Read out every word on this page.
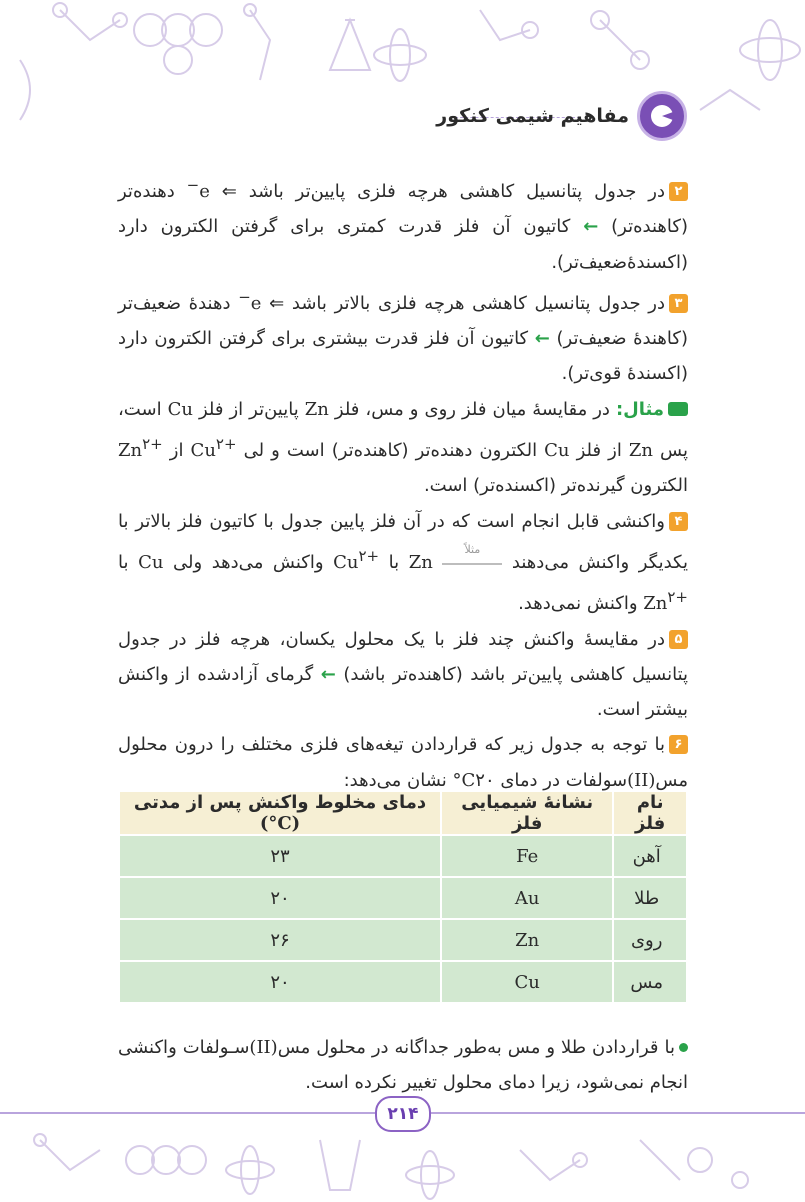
مفاهیم شیمی کنکور

۲در جدول پتانسیل کاهشی هرچه فلزی پایین‌تر باشد ⇐ e− دهنده‌تر (کاهنده‌تر) ← کاتیون آن فلز قدرت کمتری برای گرفتن الکترون دارد (اکسندهٔ‌ضعیف‌تر).

۳در جدول پتانسیل کاهشی هرچه فلزی بالاتر باشد ⇐ e− دهندهٔ ضعیف‌تر (کاهندهٔ ضعیف‌تر) ← کاتیون آن فلز قدرت بیشتری برای گرفتن الکترون دارد (اکسندهٔ قوی‌تر).

مثال: در مقایسهٔ میان فلز روی و مس، فلز Zn پایین‌تر از فلز Cu است، پس Zn از فلز Cu الکترون دهنده‌تر (کاهنده‌تر) است و لی $Cu^{۲+}$ از $Zn^{۲+}$ الکترون گیرنده‌تر (اکسنده‌تر) است.

۴واکنشی قابل انجام است که در آن فلز پایین جدول با کاتیون فلز بالاتر با یکدیگر واکنش می‌دهند
مثلاً
Zn با $Cu^{۲+}$ واکنش می‌دهد ولی Cu با $Zn^{۲+}$ واکنش نمی‌دهد.

۵در مقایسهٔ واکنش چند فلز با یک محلول یکسان، هرچه فلز در جدول پتانسیل کاهشی پایین‌تر باشد (کاهنده‌تر باشد) ← گرمای آزادشده از واکنش بیشتر است.

۶با توجه به جدول زیر که قراردادن تیغه‌های فلزی مختلف را درون محلول مس(II)سولفات در دمای ۲۰°C نشان می‌دهد:

نام فلز	نشانهٔ شیمیایی فلز	دمای مخلوط واکنش پس از مدتی (°C)
آهن	Fe	۲۳
طلا	Au	۲۰
روی	Zn	۲۶
مس	Cu	۲۰

با قراردادن طلا و مس به‌طور جداگانه در محلول مس(II)سـولفات واکنشی انجام نمی‌شود، زیرا دمای محلول تغییر نکرده است.

۲۱۴
